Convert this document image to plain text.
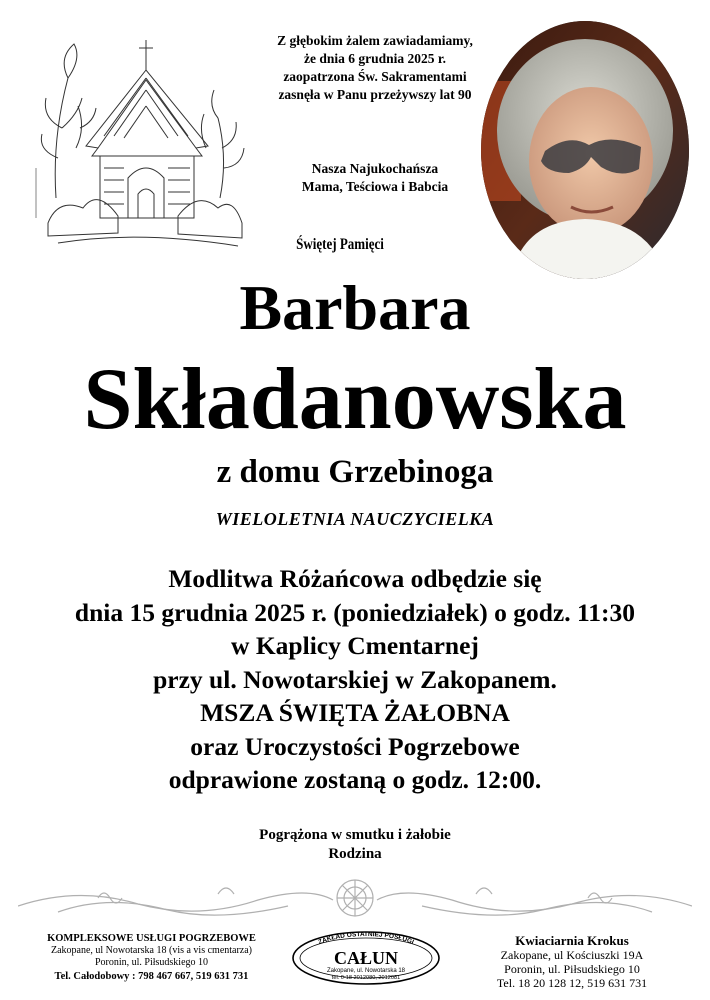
Z głębokim żalem zawiadamiamy,
że dnia 6 grudnia 2025 r.
zaopatrzona Św. Sakramentami
zasnęła w Panu przeżywszy lat 90
Nasza Najukochańsza
Mama, Teściowa i Babcia
Świętej Pamięci
Barbara
Składanowska
z domu Grzebinoga
WIELOLETNIA NAUCZYCIELKA
Modlitwa Różańcowa odbędzie się
dnia 15 grudnia 2025 r. (poniedziałek) o godz. 11:30
w Kaplicy Cmentarnej
przy ul. Nowotarskiej w Zakopanem.
MSZA ŚWIĘTA ŻAŁOBNA
oraz Uroczystości Pogrzebowe
odprawione zostaną o godz. 12:00.
Pogrążona w smutku i żałobie
Rodzina
KOMPLEKSOWE USŁUGI POGRZEBOWE
Zakopane, ul Nowotarska 18 (vis a vis cmentarza)
Poronin, ul. Piłsudskiego 10
Tel. Całodobowy : 798 467 667, 519 631 731
ZAKŁAD OSTATNIEJ POSŁUGI
CAŁUN
Zakopane, ul. Nowotarska 18
tel. 0-18 2012080, 2012081
Kwiaciarnia Krokus
Zakopane, ul Kościuszki 19A
Poronin, ul. Piłsudskiego 10
Tel. 18 20 128 12, 519 631 731
